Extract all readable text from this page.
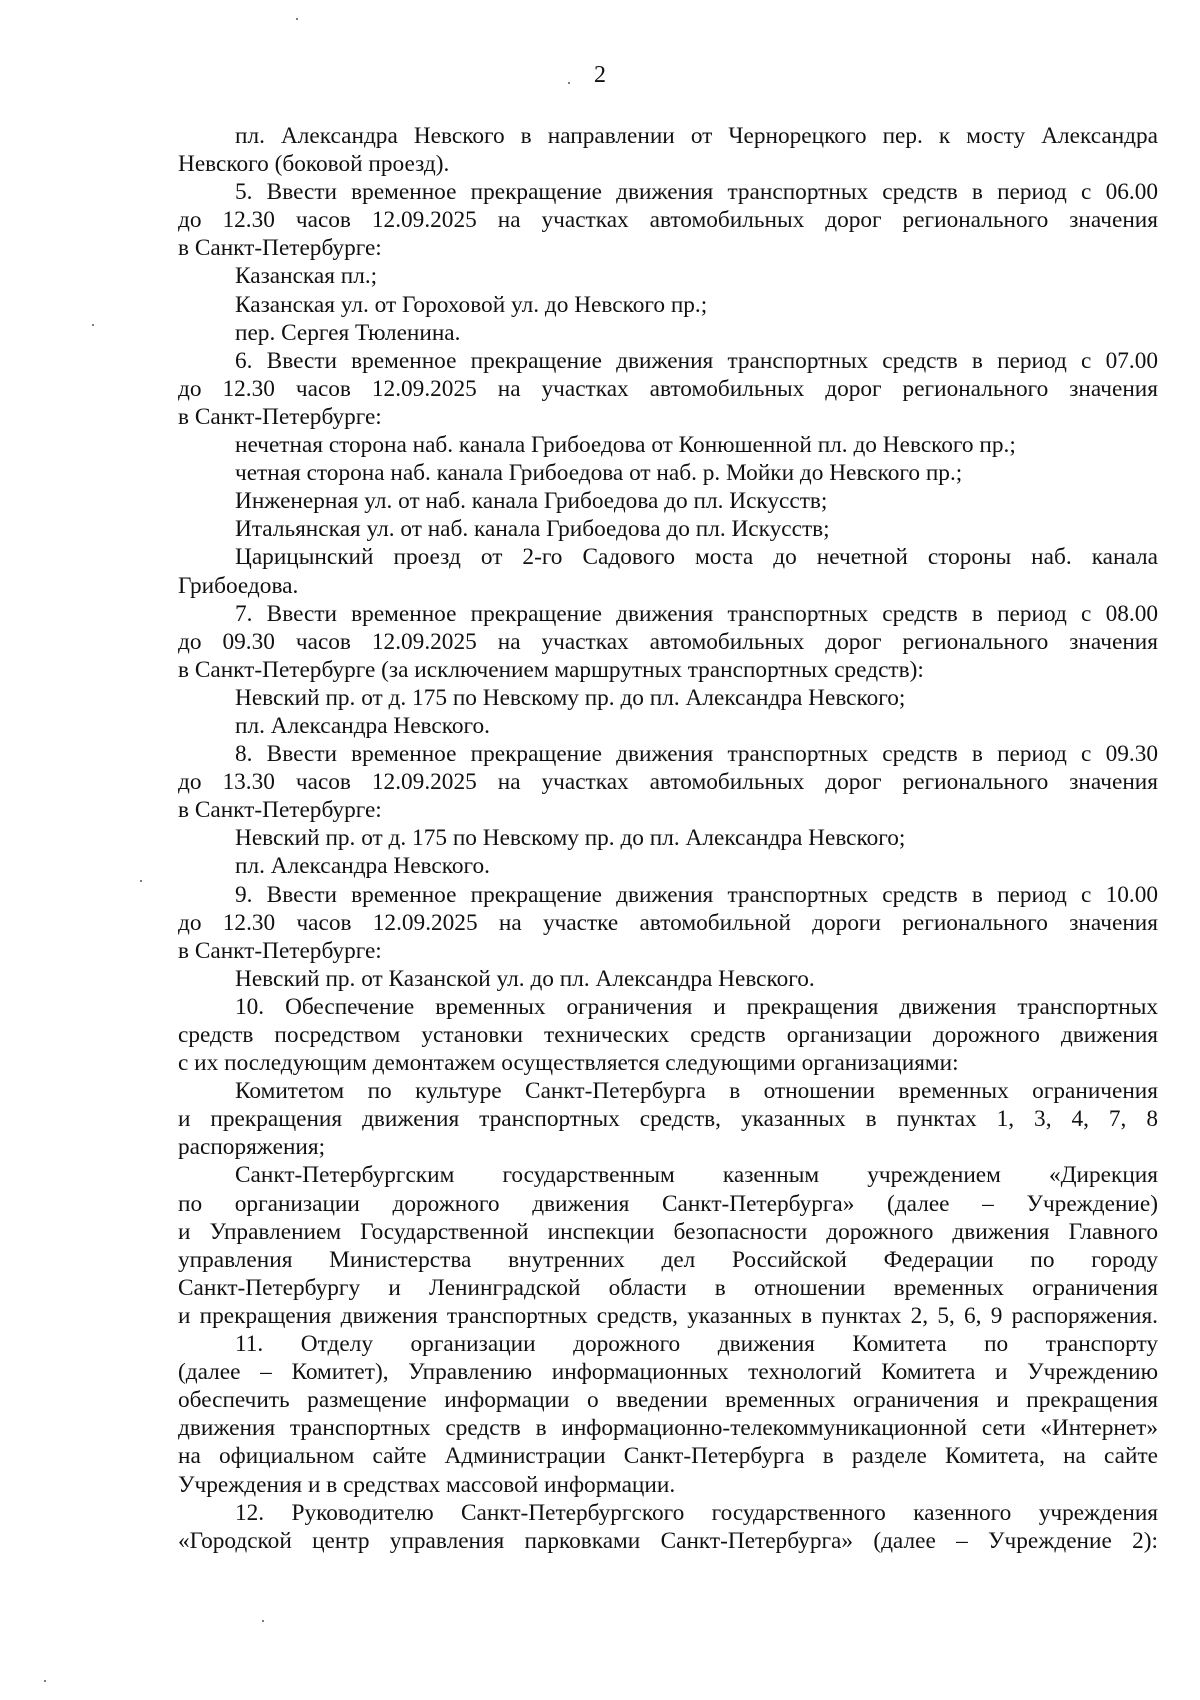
2
пл. Александра Невского в направлении от Чернорецкого пер. к мосту Александра
Невского (боковой проезд).
5. Ввести временное прекращение движения транспортных средств в период с 06.00
до 12.30 часов 12.09.2025 на участках автомобильных дорог регионального значения
в Санкт-Петербурге:
Казанская пл.;
Казанская ул. от Гороховой ул. до Невского пр.;
пер. Сергея Тюленина.
6. Ввести временное прекращение движения транспортных средств в период с 07.00
до 12.30 часов 12.09.2025 на участках автомобильных дорог регионального значения
в Санкт-Петербурге:
нечетная сторона наб. канала Грибоедова от Конюшенной пл. до Невского пр.;
четная сторона наб. канала Грибоедова от наб. р. Мойки до Невского пр.;
Инженерная ул. от наб. канала Грибоедова до пл. Искусств;
Итальянская ул. от наб. канала Грибоедова до пл. Искусств;
Царицынский проезд от 2-го Садового моста до нечетной стороны наб. канала
Грибоедова.
7. Ввести временное прекращение движения транспортных средств в период с 08.00
до 09.30 часов 12.09.2025 на участках автомобильных дорог регионального значения
в Санкт-Петербурге (за исключением маршрутных транспортных средств):
Невский пр. от д. 175 по Невскому пр. до пл. Александра Невского;
пл. Александра Невского.
8. Ввести временное прекращение движения транспортных средств в период с 09.30
до 13.30 часов 12.09.2025 на участках автомобильных дорог регионального значения
в Санкт-Петербурге:
Невский пр. от д. 175 по Невскому пр. до пл. Александра Невского;
пл. Александра Невского.
9. Ввести временное прекращение движения транспортных средств в период с 10.00
до 12.30 часов 12.09.2025 на участке автомобильной дороги регионального значения
в Санкт-Петербурге:
Невский пр. от Казанской ул. до пл. Александра Невского.
10. Обеспечение временных ограничения и прекращения движения транспортных
средств посредством установки технических средств организации дорожного движения
с их последующим демонтажем осуществляется следующими организациями:
Комитетом по культуре Санкт-Петербурга в отношении временных ограничения
и прекращения движения транспортных средств, указанных в пунктах 1, 3, 4, 7, 8
распоряжения;
Санкт-Петербургским государственным казенным учреждением «Дирекция
по организации дорожного движения Санкт-Петербурга» (далее – Учреждение)
и Управлением Государственной инспекции безопасности дорожного движения Главного
управления Министерства внутренних дел Российской Федерации по городу
Санкт-Петербургу и Ленинградской области в отношении временных ограничения
и прекращения движения транспортных средств, указанных в пунктах 2, 5, 6, 9 распоряжения.
11. Отделу организации дорожного движения Комитета по транспорту
(далее – Комитет), Управлению информационных технологий Комитета и Учреждению
обеспечить размещение информации о введении временных ограничения и прекращения
движения транспортных средств в информационно-телекоммуникационной сети «Интернет»
на официальном сайте Администрации Санкт-Петербурга в разделе Комитета, на сайте
Учреждения и в средствах массовой информации.
12. Руководителю Санкт-Петербургского государственного казенного учреждения
«Городской центр управления парковками Санкт-Петербурга» (далее – Учреждение 2):
